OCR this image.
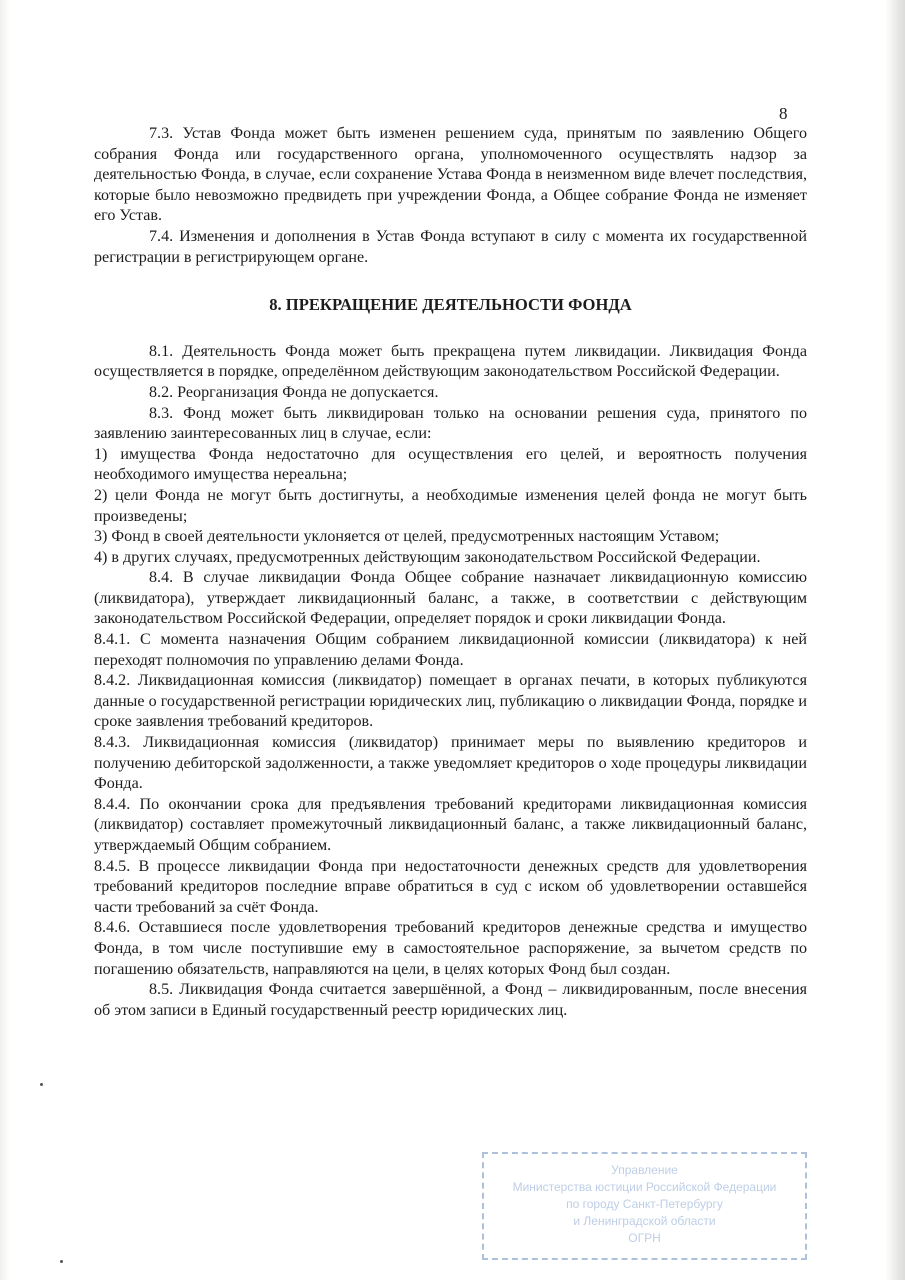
8

7.3. Устав Фонда может быть изменен решением суда, принятым по заявлению Общего собрания Фонда или государственного органа, уполномоченного осуществлять надзор за деятельностью Фонда, в случае, если сохранение Устава Фонда в неизменном виде влечет последствия, которые было невозможно предвидеть при учреждении Фонда, а Общее собрание Фонда не изменяет его Устав.

7.4. Изменения и дополнения в Устав Фонда вступают в силу с момента их государственной регистрации в регистрирующем органе.

8. ПРЕКРАЩЕНИЕ ДЕЯТЕЛЬНОСТИ ФОНДА

8.1. Деятельность Фонда может быть прекращена путем ликвидации. Ликвидация Фонда осуществляется в порядке, определённом действующим законодательством Российской Федерации.

8.2. Реорганизация Фонда не допускается.

8.3. Фонд может быть ликвидирован только на основании решения суда, принятого по заявлению заинтересованных лиц в случае, если:

1) имущества Фонда недостаточно для осуществления его целей, и вероятность получения необходимого имущества нереальна;

2) цели Фонда не могут быть достигнуты, а необходимые изменения целей фонда не могут быть произведены;

3) Фонд в своей деятельности уклоняется от целей, предусмотренных настоящим Уставом;

4) в других случаях, предусмотренных действующим законодательством Российской Федерации.

8.4. В случае ликвидации Фонда Общее собрание назначает ликвидационную комиссию (ликвидатора), утверждает ликвидационный баланс, а также, в соответствии с действующим законодательством Российской Федерации, определяет порядок и сроки ликвидации Фонда.

8.4.1. С момента назначения Общим собранием ликвидационной комиссии (ликвидатора) к ней переходят полномочия по управлению делами Фонда.

8.4.2. Ликвидационная комиссия (ликвидатор) помещает в органах печати, в которых публикуются данные о государственной регистрации юридических лиц, публикацию о ликвидации Фонда, порядке и сроке заявления требований кредиторов.

8.4.3. Ликвидационная комиссия (ликвидатор) принимает меры по выявлению кредиторов и получению дебиторской задолженности, а также уведомляет кредиторов о ходе процедуры ликвидации Фонда.

8.4.4. По окончании срока для предъявления требований кредиторами ликвидационная комиссия (ликвидатор) составляет промежуточный ликвидационный баланс, а также ликвидационный баланс, утверждаемый Общим собранием.

8.4.5. В процессе ликвидации Фонда при недостаточности денежных средств для удовлетворения требований кредиторов последние вправе обратиться в суд с иском об удовлетворении оставшейся части требований за счёт Фонда.

8.4.6. Оставшиеся после удовлетворения требований кредиторов денежные средства и имущество Фонда, в том числе поступившие ему в самостоятельное распоряжение, за вычетом средств по погашению обязательств, направляются на цели, в целях которых Фонд был создан.

8.5. Ликвидация Фонда считается завершённой, а Фонд – ликвидированным, после внесения об этом записи в Единый государственный реестр юридических лиц.

Управление
Министерства юстиции Российской Федерации
по городу Санкт-Петербургу
и Ленинградской области
ОГРН
